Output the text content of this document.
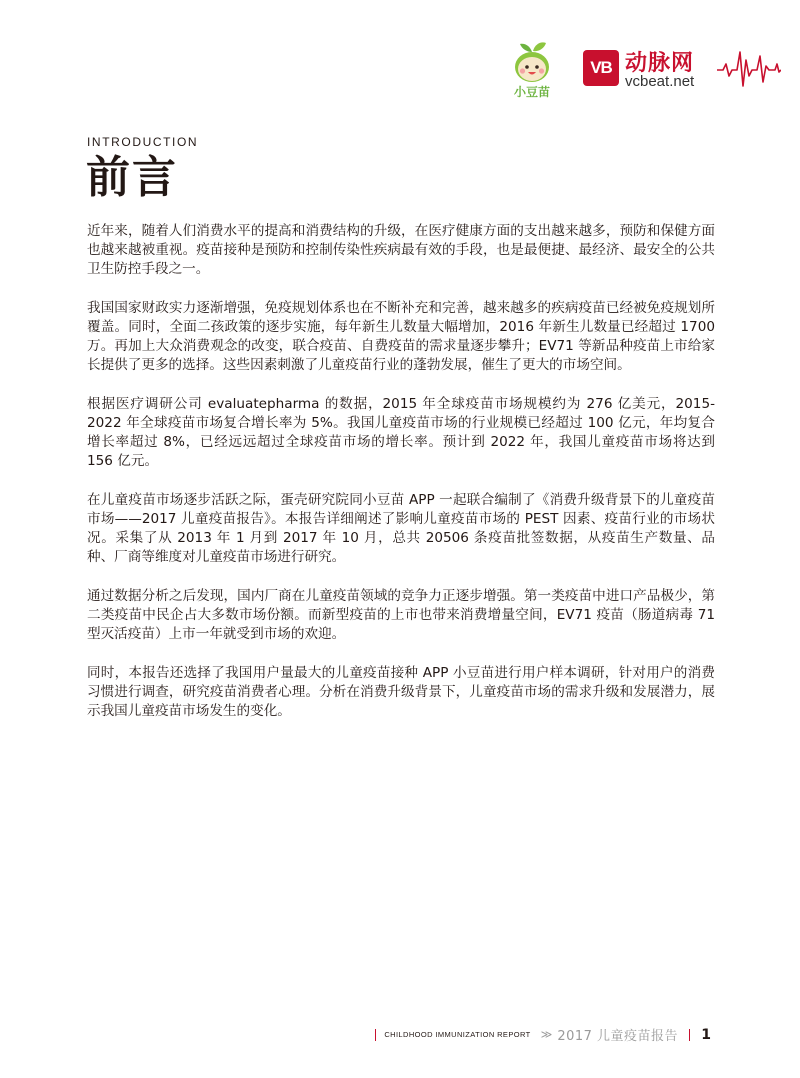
小豆苗
VB 动脉网
vcbeat.net
INTRODUCTION
前言

近年来，随着人们消费水平的提高和消费结构的升级，在医疗健康方面的支出越来越多，预防和保健方面也越来越被重视。疫苗接种是预防和控制传染性疾病最有效的手段，也是最便捷、最经济、最安全的公共卫生防控手段之一。

我国国家财政实力逐渐增强，免疫规划体系也在不断补充和完善，越来越多的疾病疫苗已经被免疫规划所覆盖。同时，全面二孩政策的逐步实施，每年新生儿数量大幅增加，2016 年新生儿数量已经超过 1700 万。再加上大众消费观念的改变，联合疫苗、自费疫苗的需求量逐步攀升；EV71 等新品种疫苗上市给家长提供了更多的选择。这些因素刺激了儿童疫苗行业的蓬勃发展，催生了更大的市场空间。

根据医疗调研公司 evaluatepharma 的数据，2015 年全球疫苗市场规模约为 276 亿美元，2015-2022 年全球疫苗市场复合增长率为 5%。我国儿童疫苗市场的行业规模已经超过 100 亿元，年均复合增长率超过 8%，已经远远超过全球疫苗市场的增长率。预计到 2022 年，我国儿童疫苗市场将达到 156 亿元。

在儿童疫苗市场逐步活跃之际，蛋壳研究院同小豆苗 APP 一起联合编制了《消费升级背景下的儿童疫苗市场——2017 儿童疫苗报告》。本报告详细阐述了影响儿童疫苗市场的 PEST 因素、疫苗行业的市场状况。采集了从 2013 年 1 月到 2017 年 10 月，总共 20506 条疫苗批签数据，从疫苗生产数量、品种、厂商等维度对儿童疫苗市场进行研究。

通过数据分析之后发现，国内厂商在儿童疫苗领域的竞争力正逐步增强。第一类疫苗中进口产品极少，第二类疫苗中民企占大多数市场份额。而新型疫苗的上市也带来消费增量空间，EV71 疫苗（肠道病毒 71 型灭活疫苗）上市一年就受到市场的欢迎。

同时，本报告还选择了我国用户量最大的儿童疫苗接种 APP 小豆苗进行用户样本调研，针对用户的消费习惯进行调查，研究疫苗消费者心理。分析在消费升级背景下，儿童疫苗市场的需求升级和发展潜力，展示我国儿童疫苗市场发生的变化。

CHILDHOOD IMMUNIZATION REPORT ≫ 2017 儿童疫苗报告 1
